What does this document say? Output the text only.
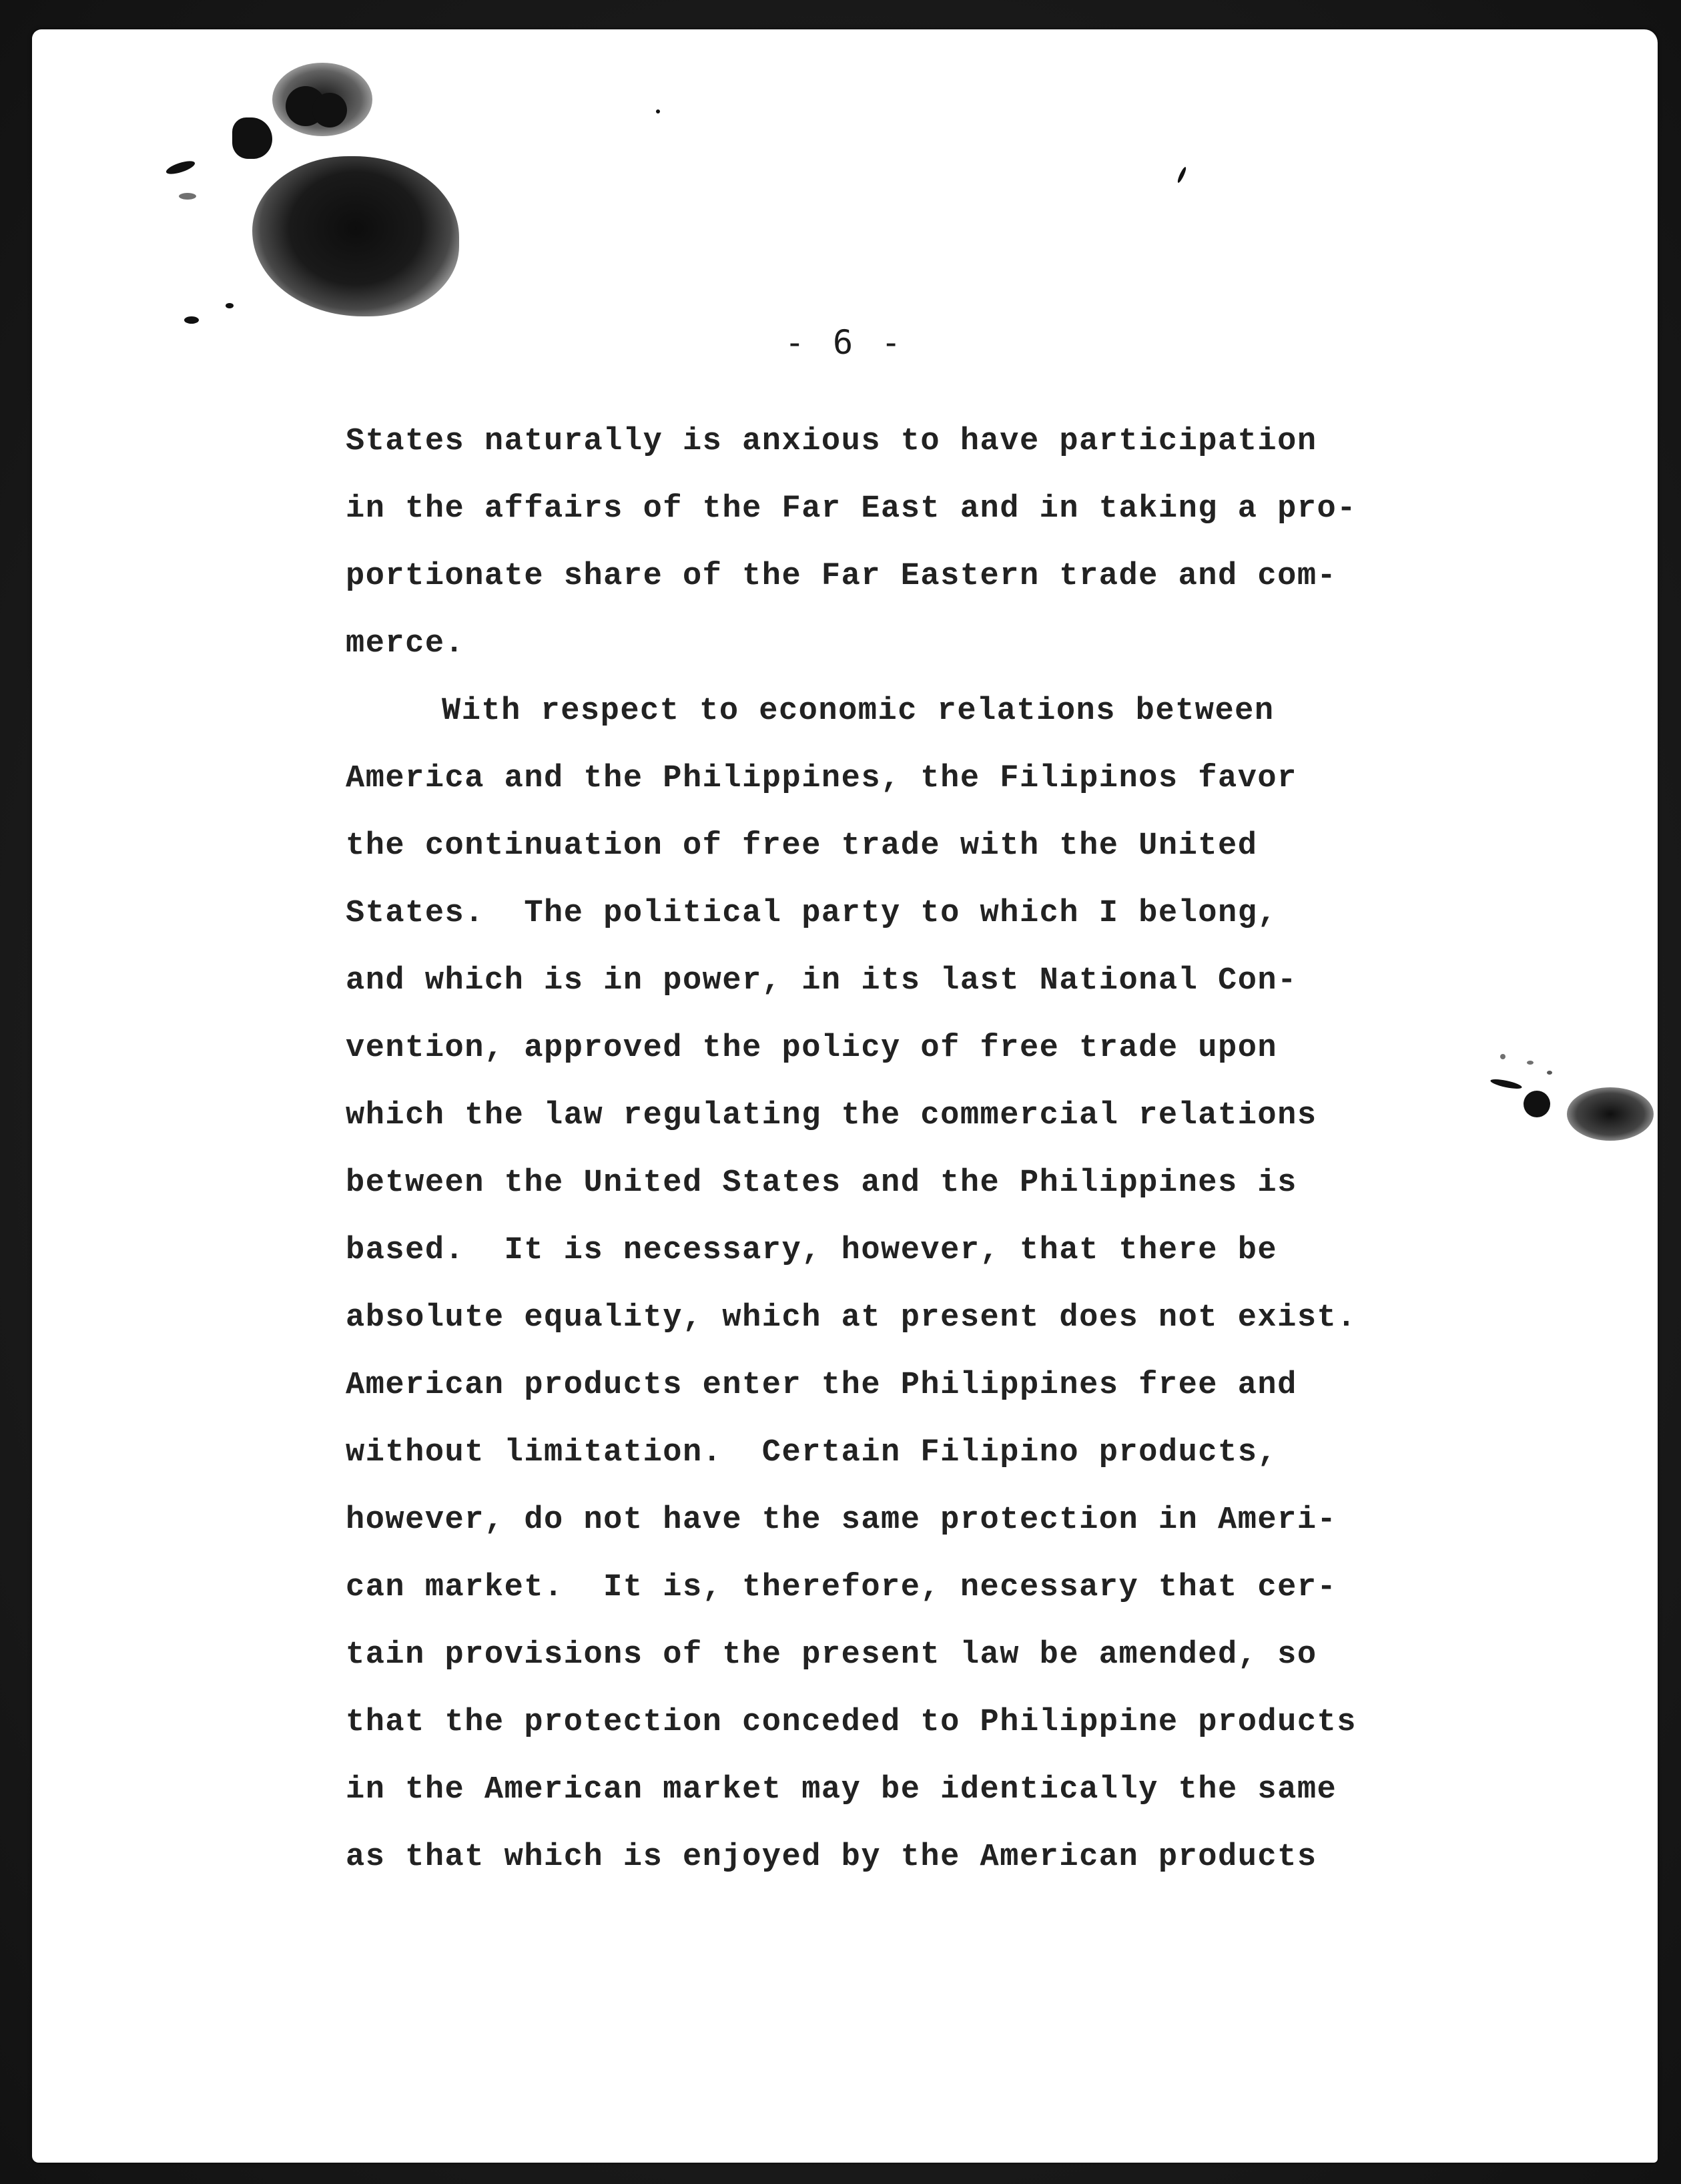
- 6 -
States naturally is anxious to have participation
in the affairs of the Far East and in taking a pro-
portionate share of the Far Eastern trade and com-
merce.
With respect to economic relations between
America and the Philippines, the Filipinos favor
the continuation of free trade with the United
States.  The political party to which I belong,
and which is in power, in its last National Con-
vention, approved the policy of free trade upon
which the law regulating the commercial relations
between the United States and the Philippines is
based.  It is necessary, however, that there be
absolute equality, which at present does not exist.
American products enter the Philippines free and
without limitation.  Certain Filipino products,
however, do not have the same protection in Ameri-
can market.  It is, therefore, necessary that cer-
tain provisions of the present law be amended, so
that the protection conceded to Philippine products
in the American market may be identically the same
as that which is enjoyed by the American products
